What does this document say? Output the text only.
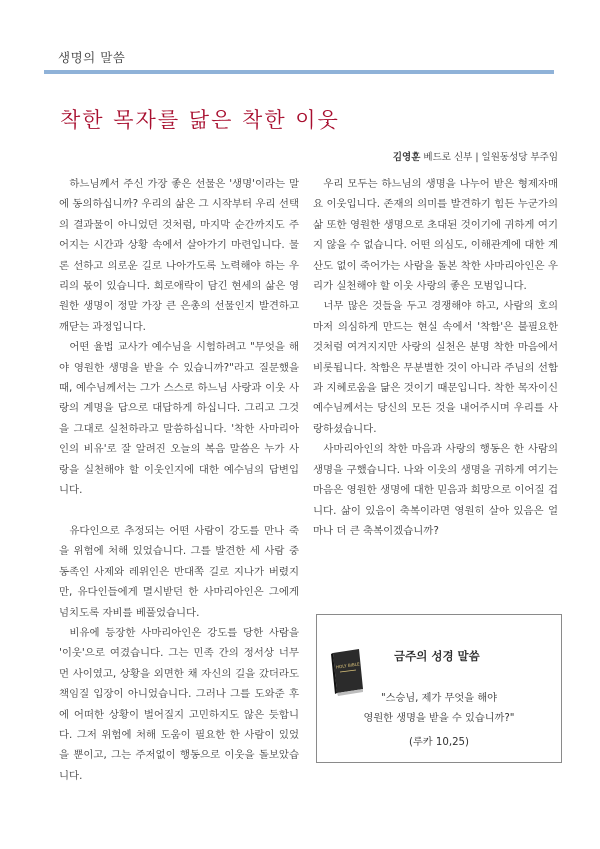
생명의 말씀
착한 목자를 닮은 착한 이웃
김영훈 베드로 신부 | 일원동성당 부주임

하느님께서 주신 가장 좋은 선물은 '생명'이라는 말에 동의하십니까? 우리의 삶은 그 시작부터 우리 선택의 결과물이 아니었던 것처럼, 마지막 순간까지도 주어지는 시간과 상황 속에서 살아가기 마련입니다. 물론 선하고 의로운 길로 나아가도록 노력해야 하는 우리의 몫이 있습니다. 희로애락이 담긴 현세의 삶은 영원한 생명이 정말 가장 큰 은총의 선물인지 발견하고 깨닫는 과정입니다.

어떤 율법 교사가 예수님을 시험하려고 "무엇을 해야 영원한 생명을 받을 수 있습니까?"라고 질문했을 때, 예수님께서는 그가 스스로 하느님 사랑과 이웃 사랑의 계명을 답으로 대답하게 하십니다. 그리고 그것을 그대로 실천하라고 말씀하십니다. '착한 사마리아인의 비유'로 잘 알려진 오늘의 복음 말씀은 누가 사랑을 실천해야 할 이웃인지에 대한 예수님의 답변입니다.

유다인으로 추정되는 어떤 사람이 강도를 만나 죽을 위험에 처해 있었습니다. 그를 발견한 세 사람 중 동족인 사제와 레위인은 반대쪽 길로 지나가 버렸지만, 유다인들에게 멸시받던 한 사마리아인은 그에게 넘치도록 자비를 베풀었습니다.

비유에 등장한 사마리아인은 강도를 당한 사람을 '이웃'으로 여겼습니다. 그는 민족 간의 정서상 너무 먼 사이였고, 상황을 외면한 채 자신의 길을 갔더라도 책임질 입장이 아니었습니다. 그러나 그를 도와준 후에 어떠한 상황이 벌어질지 고민하지도 않은 듯합니다. 그저 위험에 처해 도움이 필요한 한 사람이 있었을 뿐이고, 그는 주저없이 행동으로 이웃을 돌보았습니다.

우리 모두는 하느님의 생명을 나누어 받은 형제자매요 이웃입니다. 존재의 의미를 발견하기 힘든 누군가의 삶 또한 영원한 생명으로 초대된 것이기에 귀하게 여기지 않을 수 없습니다. 어떤 의심도, 이해관계에 대한 계산도 없이 죽어가는 사람을 돌본 착한 사마리아인은 우리가 실천해야 할 이웃 사랑의 좋은 모범입니다.

너무 많은 것들을 두고 경쟁해야 하고, 사람의 호의마저 의심하게 만드는 현실 속에서 '착함'은 불필요한 것처럼 여겨지지만 사랑의 실천은 분명 착한 마음에서 비롯됩니다. 착함은 무분별한 것이 아니라 주님의 선함과 지혜로움을 닮은 것이기 때문입니다. 착한 목자이신 예수님께서는 당신의 모든 것을 내어주시며 우리를 사랑하셨습니다.

사마리아인의 착한 마음과 사랑의 행동은 한 사람의 생명을 구했습니다. 나와 이웃의 생명을 귀하게 여기는 마음은 영원한 생명에 대한 믿음과 희망으로 이어질 겁니다. 삶이 있음이 축복이라면 영원히 살아 있음은 얼마나 더 큰 축복이겠습니까?

HOLY BIBLE
금주의 성경 말씀
"스승님, 제가 무엇을 해야
영원한 생명을 받을 수 있습니까?"
(루카 10,25)
